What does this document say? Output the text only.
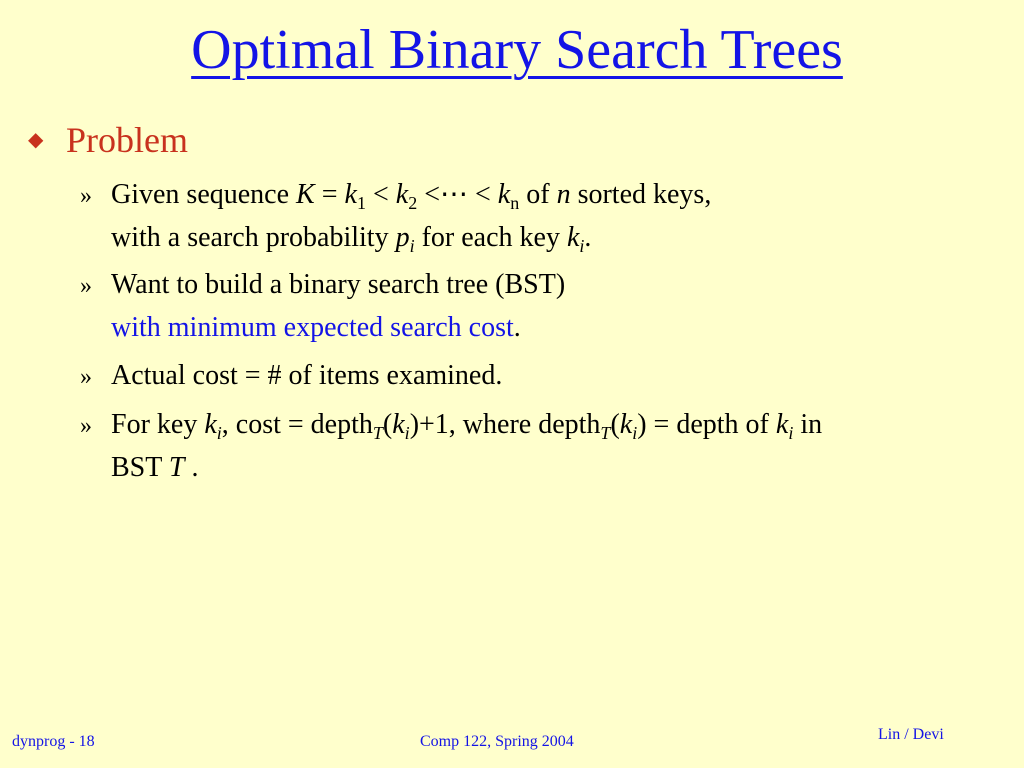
Optimal Binary Search Trees
◆ Problem
» Given sequence $K = k_1 < k_2$ <⋯ < $k_n$ of n sorted keys,
with a search probability $p_i$ for each key $k_i$.
» Want to build a binary search tree (BST)
with minimum expected search cost.
» Actual cost = # of items examined.
» For key $k_i$, $\cos t = depth_T(k_i)+1$, where $depth_T(k_i)$ = depth of $k_i$ in
BST T .
dynprog - 18	Comp 122, Spring 2004	Lin / Devi
